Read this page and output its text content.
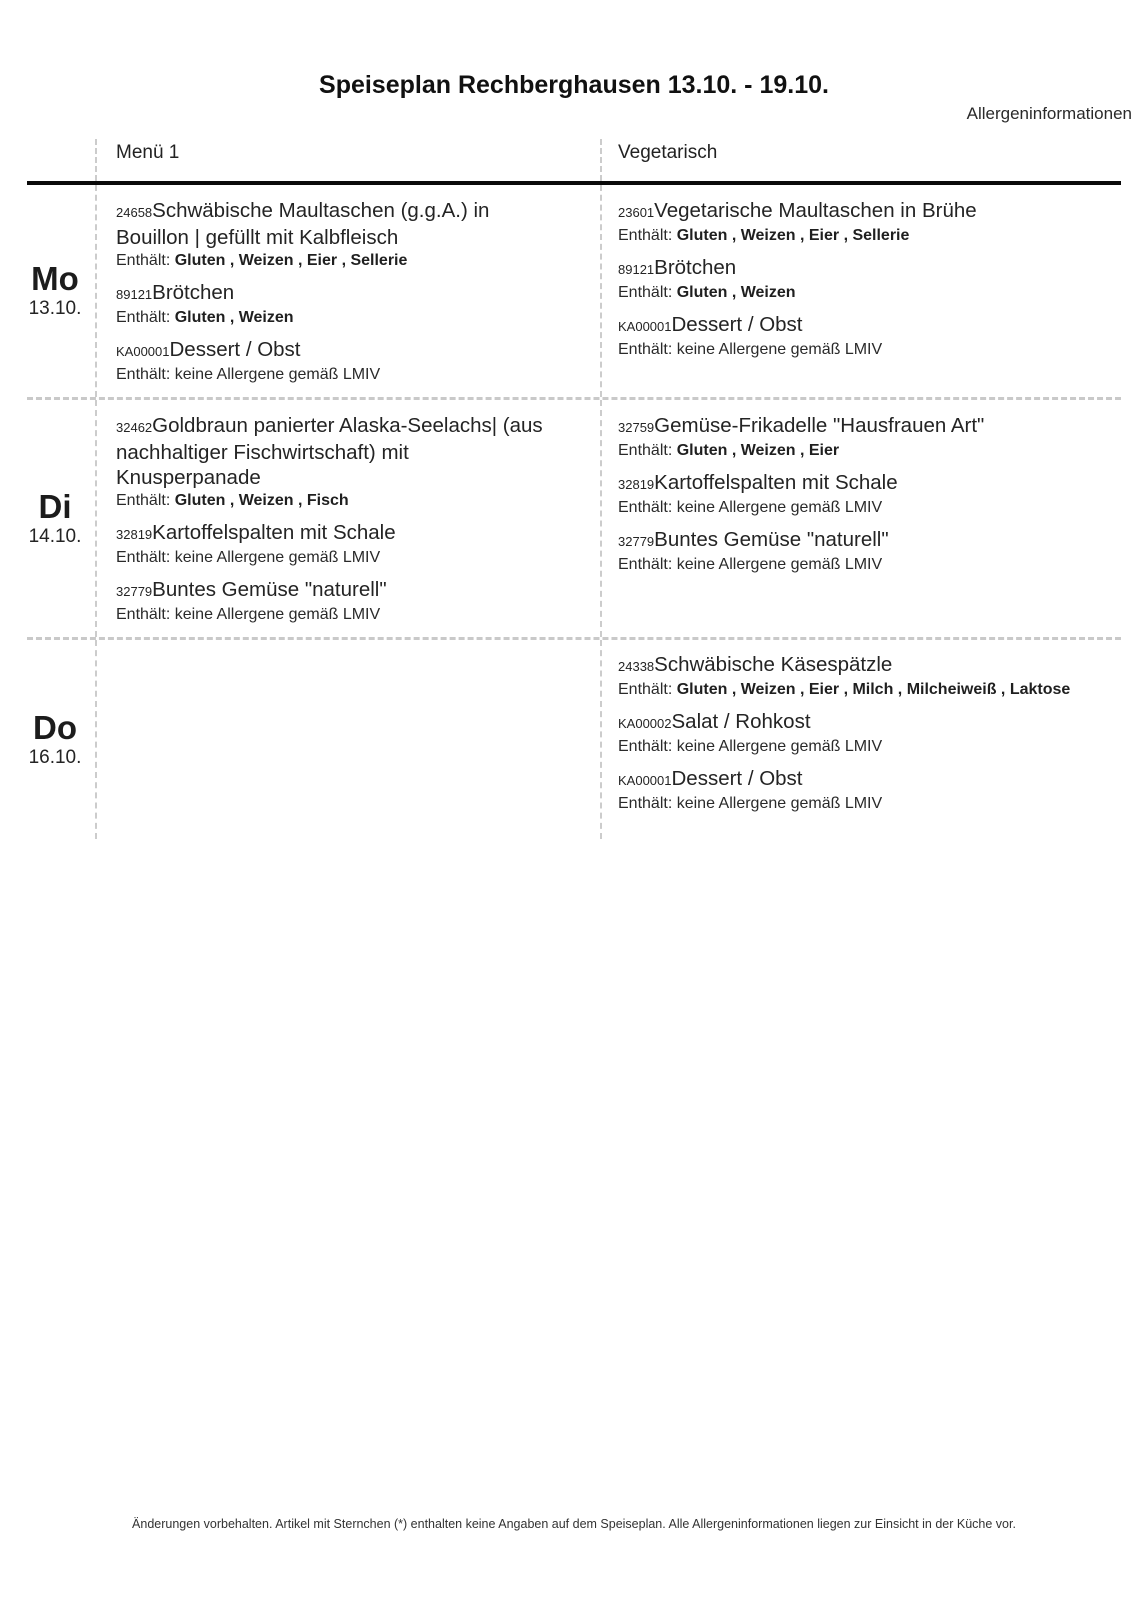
Speiseplan Rechberghausen 13.10. - 19.10.
Allergeninformationen
Menü 1	Vegetarisch
Mo
13.10.
24658Schwäbische Maultaschen (g.g.A.) in Bouillon | gefüllt mit Kalbfleisch
Enthält: Gluten , Weizen , Eier , Sellerie
89121Brötchen
Enthält: Gluten , Weizen
KA00001Dessert / Obst
Enthält: keine Allergene gemäß LMIV
23601Vegetarische Maultaschen in Brühe
Enthält: Gluten , Weizen , Eier , Sellerie
89121Brötchen
Enthält: Gluten , Weizen
KA00001Dessert / Obst
Enthält: keine Allergene gemäß LMIV
Di
14.10.
32462Goldbraun panierter Alaska-Seelachs| (aus nachhaltiger Fischwirtschaft) mit Knusperpanade
Enthält: Gluten , Weizen , Fisch
32819Kartoffelspalten mit Schale
Enthält: keine Allergene gemäß LMIV
32779Buntes Gemüse "naturell"
Enthält: keine Allergene gemäß LMIV
32759Gemüse-Frikadelle "Hausfrauen Art"
Enthält: Gluten , Weizen , Eier
32819Kartoffelspalten mit Schale
Enthält: keine Allergene gemäß LMIV
32779Buntes Gemüse "naturell"
Enthält: keine Allergene gemäß LMIV
Do
16.10.
24338Schwäbische Käsespätzle
Enthält: Gluten , Weizen , Eier , Milch , Milcheiweiß , Laktose
KA00002Salat / Rohkost
Enthält: keine Allergene gemäß LMIV
KA00001Dessert / Obst
Enthält: keine Allergene gemäß LMIV
Änderungen vorbehalten. Artikel mit Sternchen (*) enthalten keine Angaben auf dem Speiseplan. Alle Allergeninformationen liegen zur Einsicht in der Küche vor.
